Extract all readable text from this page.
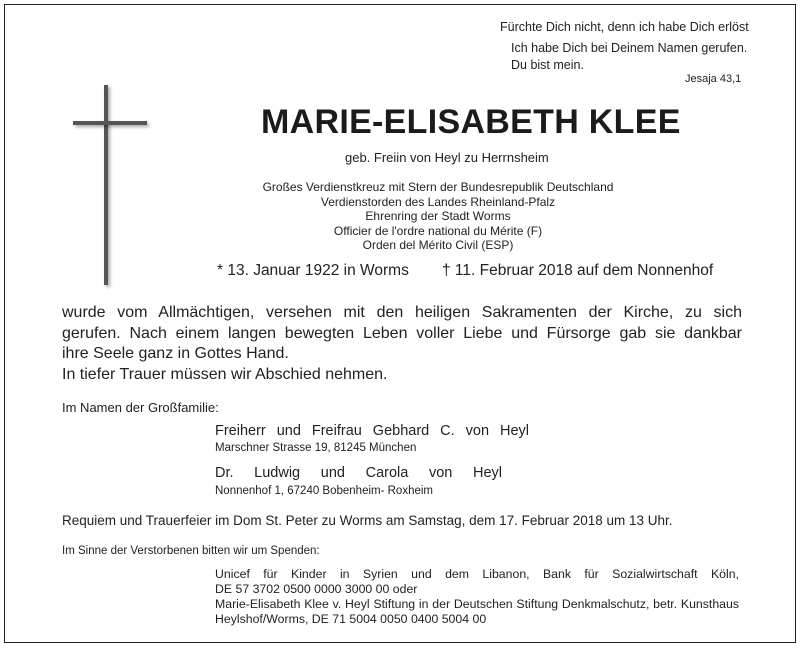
Fürchte Dich nicht, denn ich habe Dich erlöst
Ich habe Dich bei Deinem Namen gerufen.
Du bist mein.
Jesaja 43,1
MARIE-ELISABETH KLEE
geb. Freiin von Heyl zu Herrnsheim
Großes Verdienstkreuz mit Stern der Bundesrepublik Deutschland
Verdienstorden des Landes Rheinland-Pfalz
Ehrenring der Stadt Worms
Officier de l'ordre national du Mérite (F)
Orden del Mérito Civil (ESP)
* 13. Januar 1922 in Worms † 11. Februar 2018 auf dem Nonnenhof
wurde vom Allmächtigen, versehen mit den heiligen Sakramenten der Kirche, zu sich
gerufen. Nach einem langen bewegten Leben voller Liebe und Fürsorge gab sie dankbar
ihre Seele ganz in Gottes Hand.
In tiefer Trauer müssen wir Abschied nehmen.
Im Namen der Großfamilie:
Freiherr und Freifrau Gebhard C. von Heyl
Marschner Strasse 19, 81245 München
Dr. Ludwig und Carola von Heyl
Nonnenhof 1, 67240 Bobenheim- Roxheim
Requiem und Trauerfeier im Dom St. Peter zu Worms am Samstag, dem 17. Februar 2018 um 13 Uhr.
Im Sinne der Verstorbenen bitten wir um Spenden:
Unicef für Kinder in Syrien und dem Libanon, Bank für Sozialwirtschaft Köln,
DE 57 3702 0500 0000 3000 00 oder
Marie-Elisabeth Klee v. Heyl Stiftung in der Deutschen Stiftung Denkmalschutz, betr. Kunsthaus
Heylshof/Worms, DE 71 5004 0050 0400 5004 00
